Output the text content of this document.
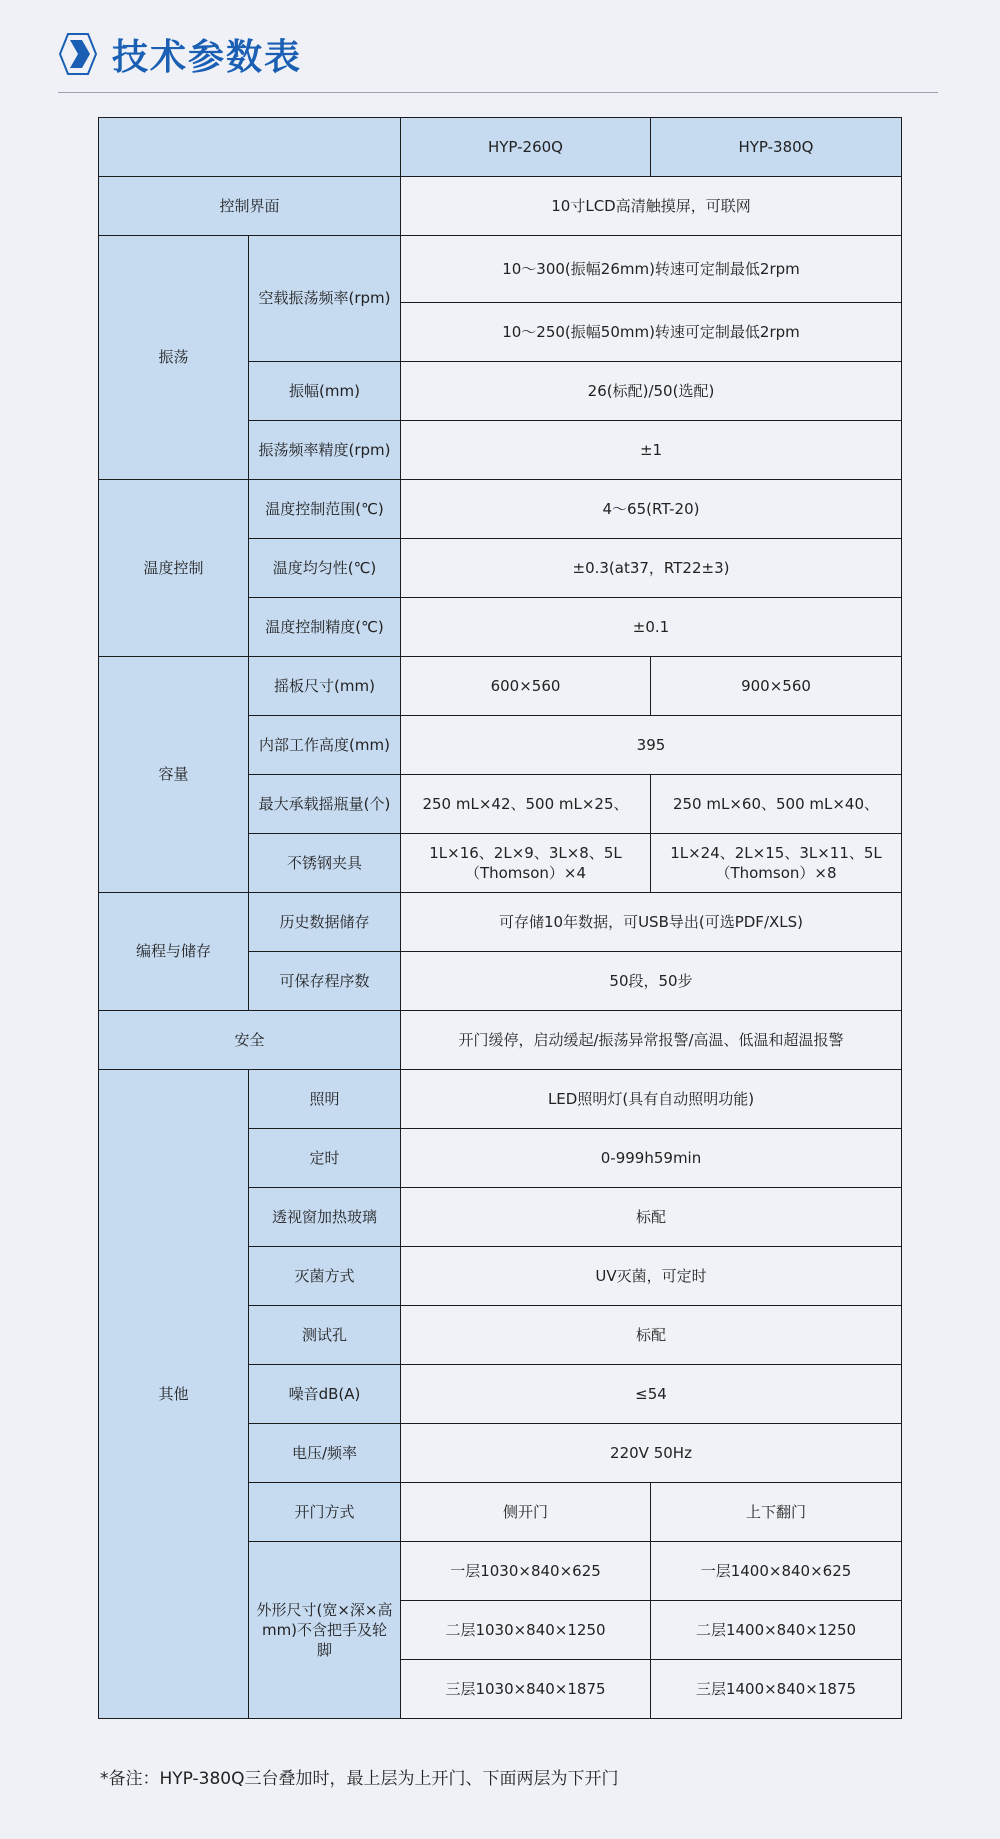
技术参数表
		HYP-260Q	HYP-380Q
控制界面		10寸LCD高清触摸屏，可联网	
振荡	空载振荡频率(rpm)	10～300(振幅26mm)转速可定制最低2rpm	
		10～250(振幅50mm)转速可定制最低2rpm	
	振幅(mm)	26(标配)/50(选配)	
	振荡频率精度(rpm)	±1	
温度控制	温度控制范围(℃)	4～65(RT-20)	
	温度均匀性(℃)	±0.3(at37，RT22±3)	
	温度控制精度(℃)	±0.1	
容量	摇板尺寸(mm)	600×560	900×560
	内部工作高度(mm)	395	
	最大承载摇瓶量(个)	250 mL×42、500 mL×25、	250 mL×60、500 mL×40、
	不锈钢夹具	1L×16、2L×9、3L×8、5L（Thomson）×4	1L×24、2L×15、3L×11、5L（Thomson）×8
编程与储存	历史数据储存	可存储10年数据，可USB导出(可选PDF/XLS)	
	可保存程序数	50段，50步	
安全		开门缓停，启动缓起/振荡异常报警/高温、低温和超温报警	
其他	照明	LED照明灯(具有自动照明功能)	
	定时	0-999h59min	
	透视窗加热玻璃	标配	
	灭菌方式	UV灭菌，可定时	
	测试孔	标配	
	噪音dB(A)	≤54	
	电压/频率	220V 50Hz	
	开门方式	侧开门	上下翻门
	外形尺寸(宽×深×高mm)不含把手及轮脚	一层1030×840×625	一层1400×840×625
		二层1030×840×1250	二层1400×840×1250
		三层1030×840×1875	三层1400×840×1875
*备注：HYP-380Q三台叠加时，最上层为上开门、下面两层为下开门
